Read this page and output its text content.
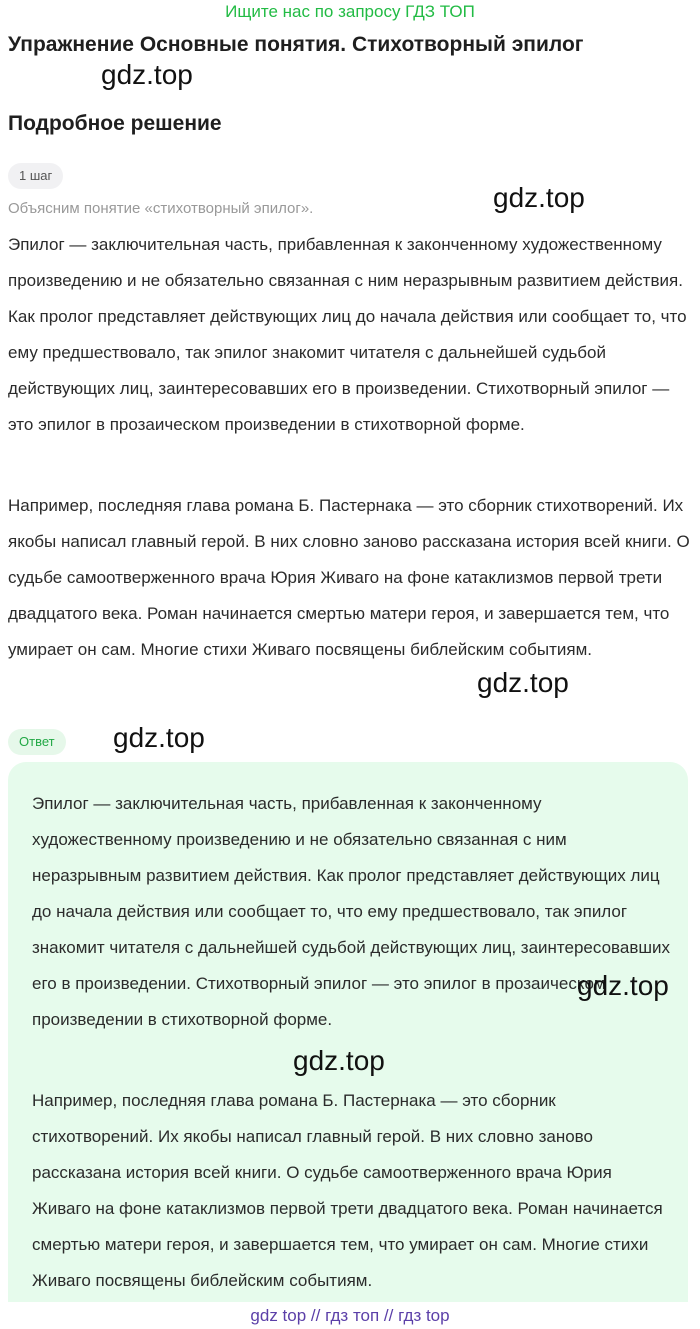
Ищите нас по запросу ГДЗ ТОП
Упражнение Основные понятия. Стихотворный эпилог
gdz.top
Подробное решение
1 шаг
Объясним понятие «стихотворный эпилог».	gdz.top

Эпилог — заключительная часть, прибавленная к законченному художественному произведению и не обязательно связанная с ним неразрывным развитием действия. Как пролог представляет действующих лиц до начала действия или сообщает то, что ему предшествовало, так эпилог знакомит читателя с дальнейшей судьбой действующих лиц, заинтересовавших его в произведении. Стихотворный эпилог — это эпилог в прозаическом произведении в стихотворной форме.

Например, последняя глава романа Б. Пастернака — это сборник стихотворений. Их якобы написал главный герой. В них словно заново рассказана история всей книги. О судьбе самоотверженного врача Юрия Живаго на фоне катаклизмов первой трети двадцатого века. Роман начинается смертью матери героя, и завершается тем, что умирает он сам. Многие стихи Живаго посвящены библейским событиям.

gdz.top
Ответ	gdz.top

Эпилог — заключительная часть, прибавленная к законченному художественному произведению и не обязательно связанная с ним неразрывным развитием действия. Как пролог представляет действующих лиц до начала действия или сообщает то, что ему предшествовало, так эпилог знакомит читателя с дальнейшей судьбой действующих лиц, заинтересовавших его в произведении. Стихотворный эпилог — это эпилог в прозаическом произведении в стихотворной форме.

gdz.top
gdz.top

Например, последняя глава романа Б. Пастернака — это сборник стихотворений. Их якобы написал главный герой. В них словно заново рассказана история всей книги. О судьбе самоотверженного врача Юрия Живаго на фоне катаклизмов первой трети двадцатого века. Роман начинается смертью матери героя, и завершается тем, что умирает он сам. Многие стихи Живаго посвящены библейским событиям.

gdz top // гдз топ // гдз top
